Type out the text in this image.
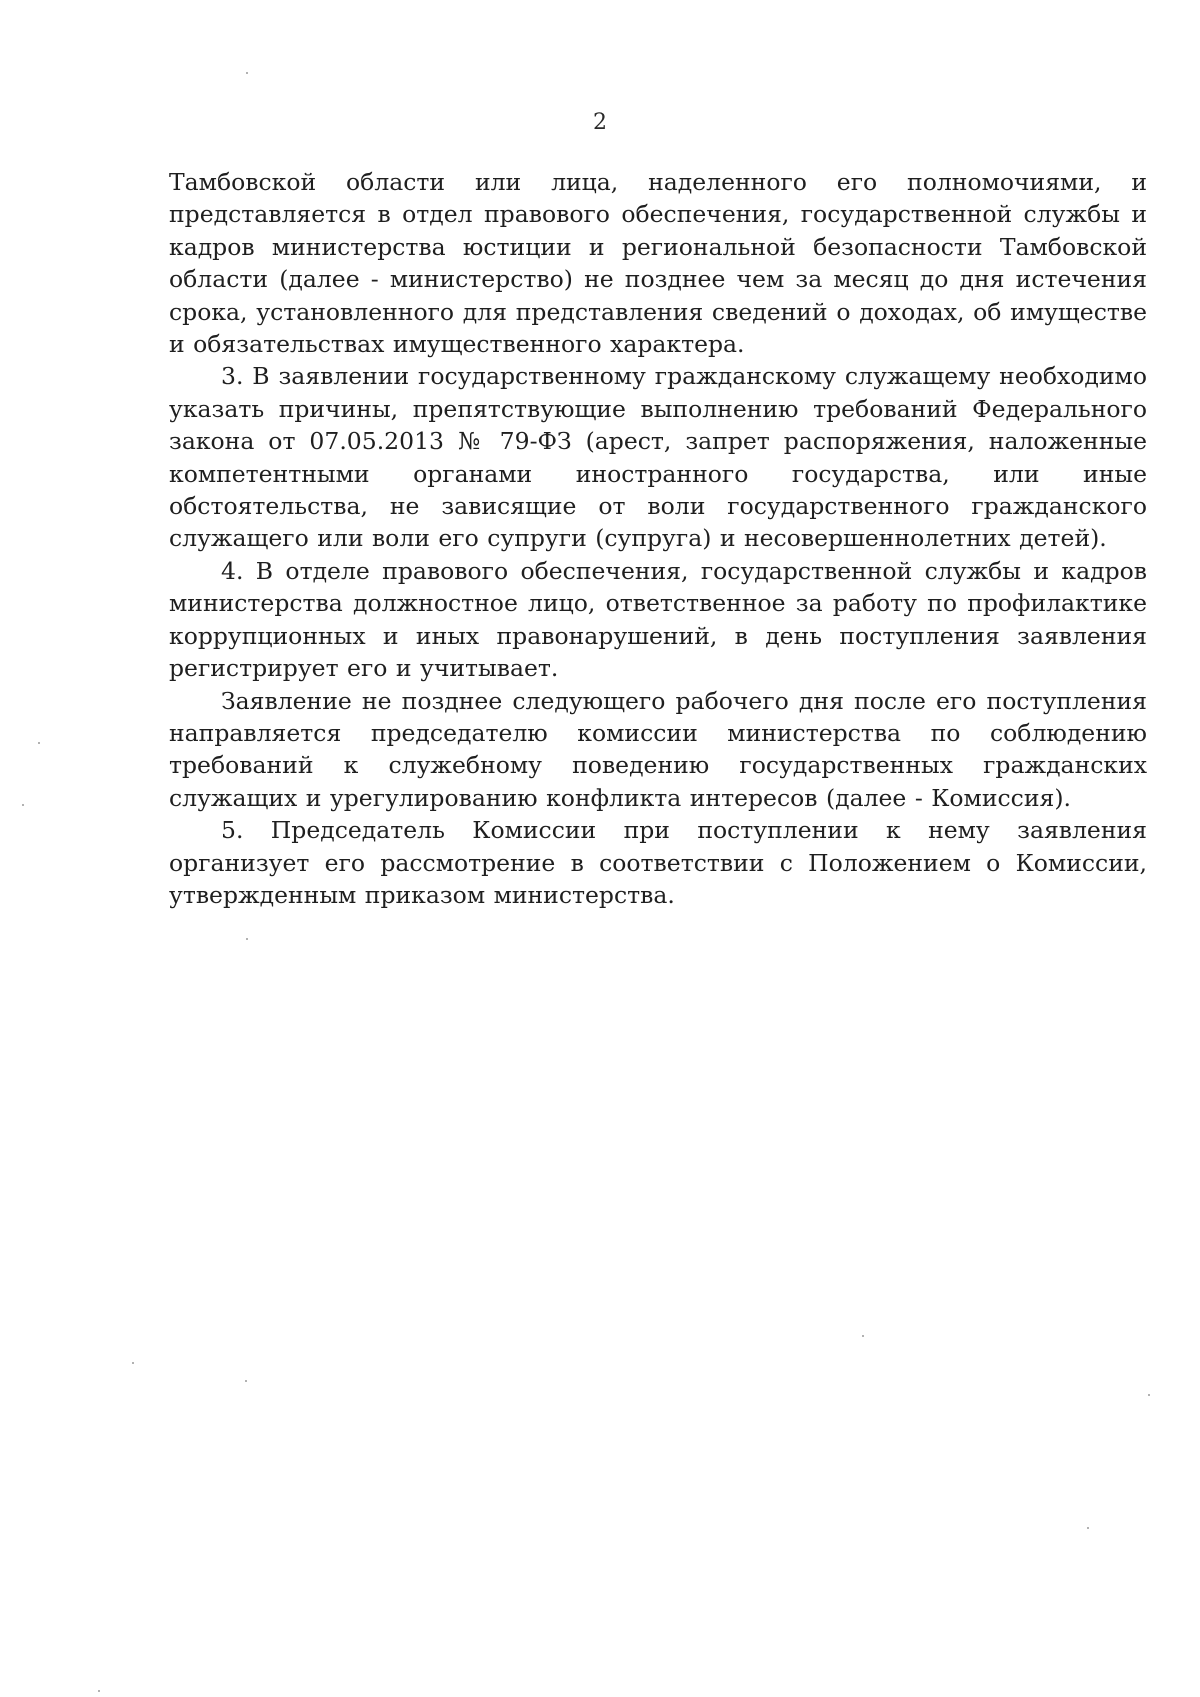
2

Тамбовской области или лица, наделенного его полномочиями, и представляется в отдел правового обеспечения, государственной службы и кадров министерства юстиции и региональной безопасности Тамбовской области (далее - министерство) не позднее чем за месяц до дня истечения срока, установленного для представления сведений о доходах, об имуществе и обязательствах имущественного характера.

3. В заявлении государственному гражданскому служащему необходимо указать причины, препятствующие выполнению требований Федерального закона от 07.05.2013 № 79-ФЗ (арест, запрет распоряжения, наложенные компетентными органами иностранного государства, или иные обстоятельства, не зависящие от воли государственного гражданского служащего или воли его супруги (супруга) и несовершеннолетних детей).

4. В отделе правового обеспечения, государственной службы и кадров министерства должностное лицо, ответственное за работу по профилактике коррупционных и иных правонарушений, в день поступления заявления регистрирует его и учитывает.

Заявление не позднее следующего рабочего дня после его поступления направляется председателю комиссии министерства по соблюдению требований к служебному поведению государственных гражданских служащих и урегулированию конфликта интересов (далее - Комиссия).

5. Председатель Комиссии при поступлении к нему заявления организует его рассмотрение в соответствии с Положением о Комиссии, утвержденным приказом министерства.
